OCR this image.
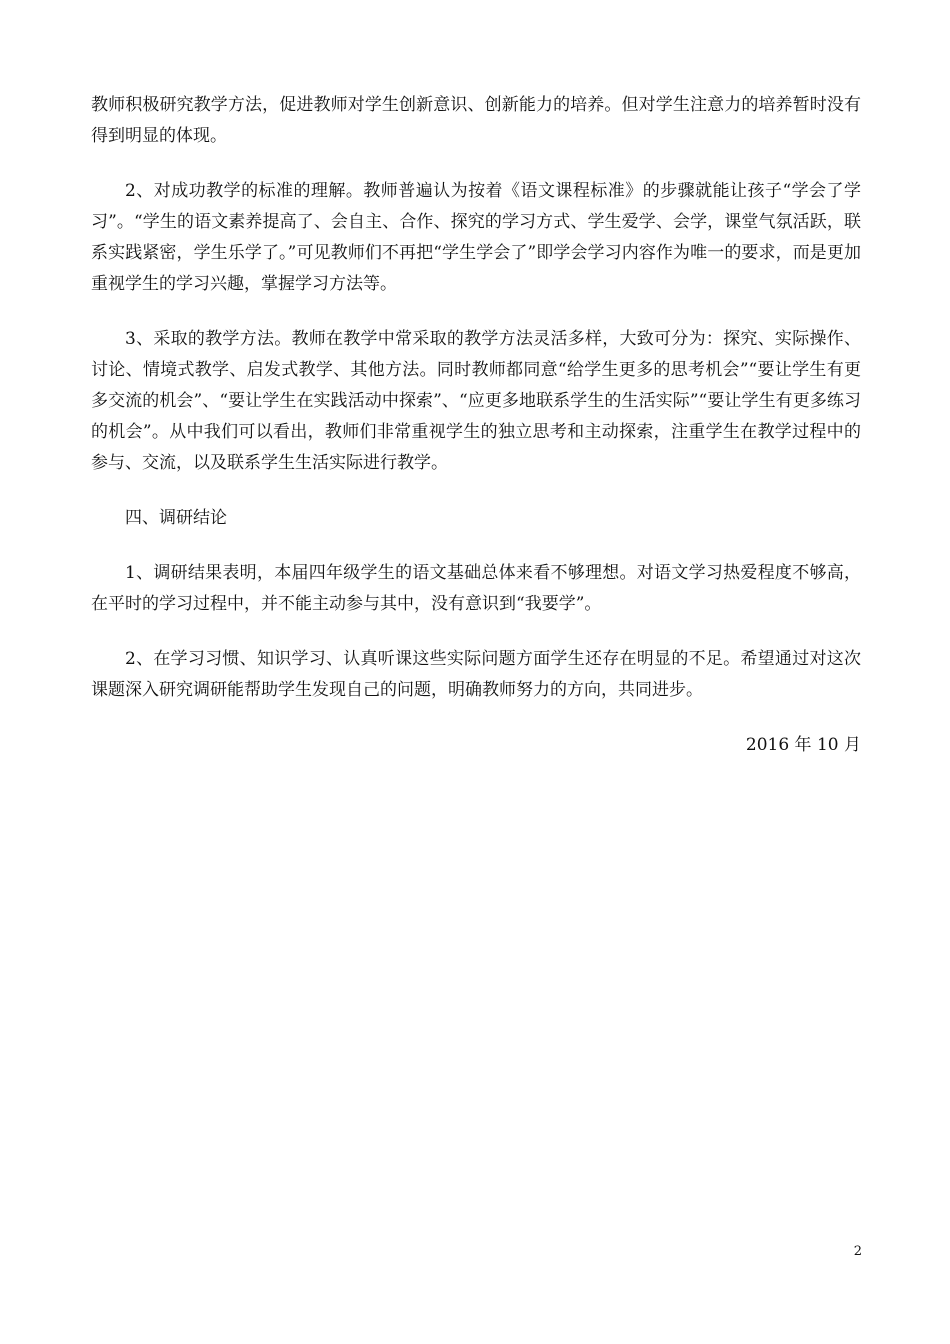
教师积极研究教学方法，促进教师对学生创新意识、创新能力的培养。但对学生注意力的培养暂时没有得到明显的体现。

2、对成功教学的标准的理解。教师普遍认为按着《语文课程标准》的步骤就能让孩子“学会了学习”。“学生的语文素养提高了、会自主、合作、探究的学习方式、学生爱学、会学，课堂气氛活跃，联系实践紧密，学生乐学了。”可见教师们不再把“学生学会了”即学会学习内容作为唯一的要求，而是更加重视学生的学习兴趣，掌握学习方法等。

3、采取的教学方法。教师在教学中常采取的教学方法灵活多样，大致可分为：探究、实际操作、讨论、情境式教学、启发式教学、其他方法。同时教师都同意“给学生更多的思考机会”“要让学生有更多交流的机会”、“要让学生在实践活动中探索”、“应更多地联系学生的生活实际”“要让学生有更多练习的机会”。从中我们可以看出，教师们非常重视学生的独立思考和主动探索，注重学生在教学过程中的参与、交流，以及联系学生生活实际进行教学。

四、调研结论

1、调研结果表明，本届四年级学生的语文基础总体来看不够理想。对语文学习热爱程度不够高，在平时的学习过程中，并不能主动参与其中，没有意识到“我要学”。

2、在学习习惯、知识学习、认真听课这些实际问题方面学生还存在明显的不足。希望通过对这次课题深入研究调研能帮助学生发现自己的问题，明确教师努力的方向，共同进步。

2016 年 10 月

2
